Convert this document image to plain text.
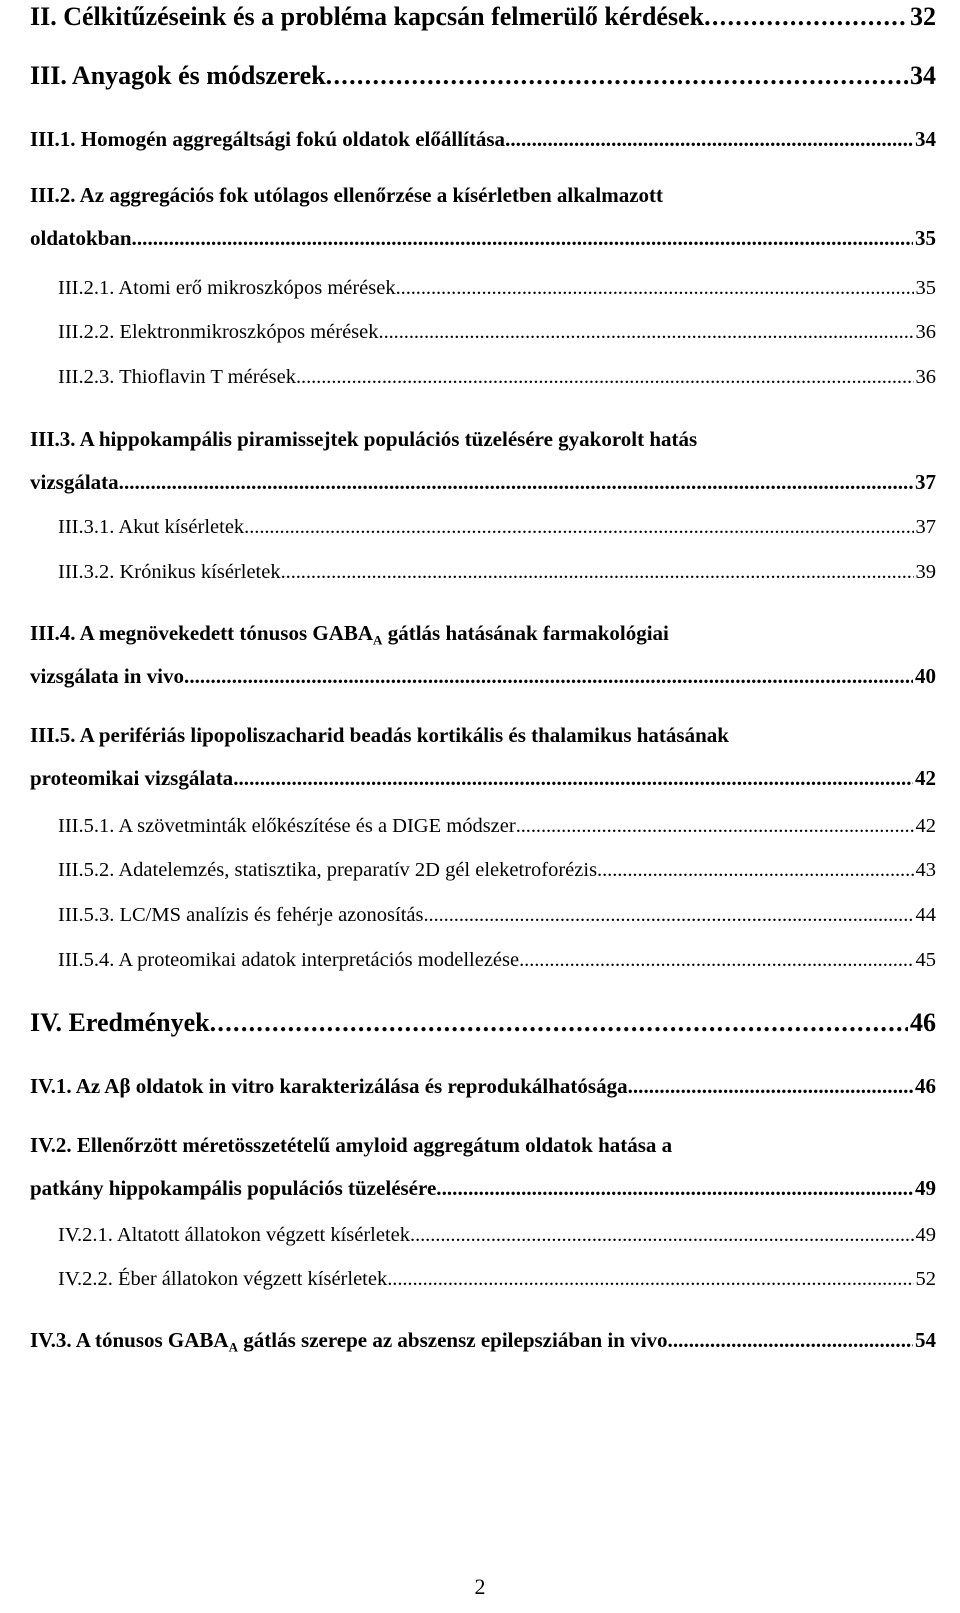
II. Célkitűzéseink és a probléma kapcsán felmerülő kérdések . . .	32
III. Anyagok és módszerek . . .	34
III.1. Homogén aggregáltsági fokú oldatok előállítása . . .	34
III.2. Az aggregációs fok utólagos ellenőrzése a kísérletben alkalmazott
oldatokban . . .	35
III.2.1. Atomi erő mikroszkópos mérések . . .	35
III.2.2. Elektronmikroszkópos mérések . . .	36
III.2.3. Thioflavin T mérések . . .	36
III.3. A hippokampális piramissejtek populációs tüzelésére gyakorolt hatás
vizsgálata . . .	37
III.3.1. Akut kísérletek . . .	37
III.3.2. Krónikus kísérletek . . .	39
III.4. A megnövekedett tónusos $GABA_A$ gátlás hatásának farmakológiai
vizsgálata in vivo . . .	40
III.5. A perifériás lipopoliszacharid beadás kortikális és thalamikus hatásának
proteomikai vizsgálata . . .	42
III.5.1. A szövetminták előkészítése és a DIGE módszer . . .	42
III.5.2. Adatelemzés, statisztika, preparatív 2D gél eleketroforézis . . .	43
III.5.3. LC/MS analízis és fehérje azonosítás . . .	44
III.5.4. A proteomikai adatok interpretációs modellezése . . .	45
IV. Eredmények . . .	46
IV.1. Az Aβ oldatok in vitro karakterizálása és reprodukálhatósága . . .	46
IV.2. Ellenőrzött méretösszetételű amyloid aggregátum oldatok hatása a
patkány hippokampális populációs tüzelésére . . .	49
IV.2.1. Altatott állatokon végzett kísérletek . . .	49
IV.2.2. Éber állatokon végzett kísérletek . . .	52
IV.3. A tónusos $GABA_A$ gátlás szerepe az abszensz epilepsziában in vivo . . .	54
2
